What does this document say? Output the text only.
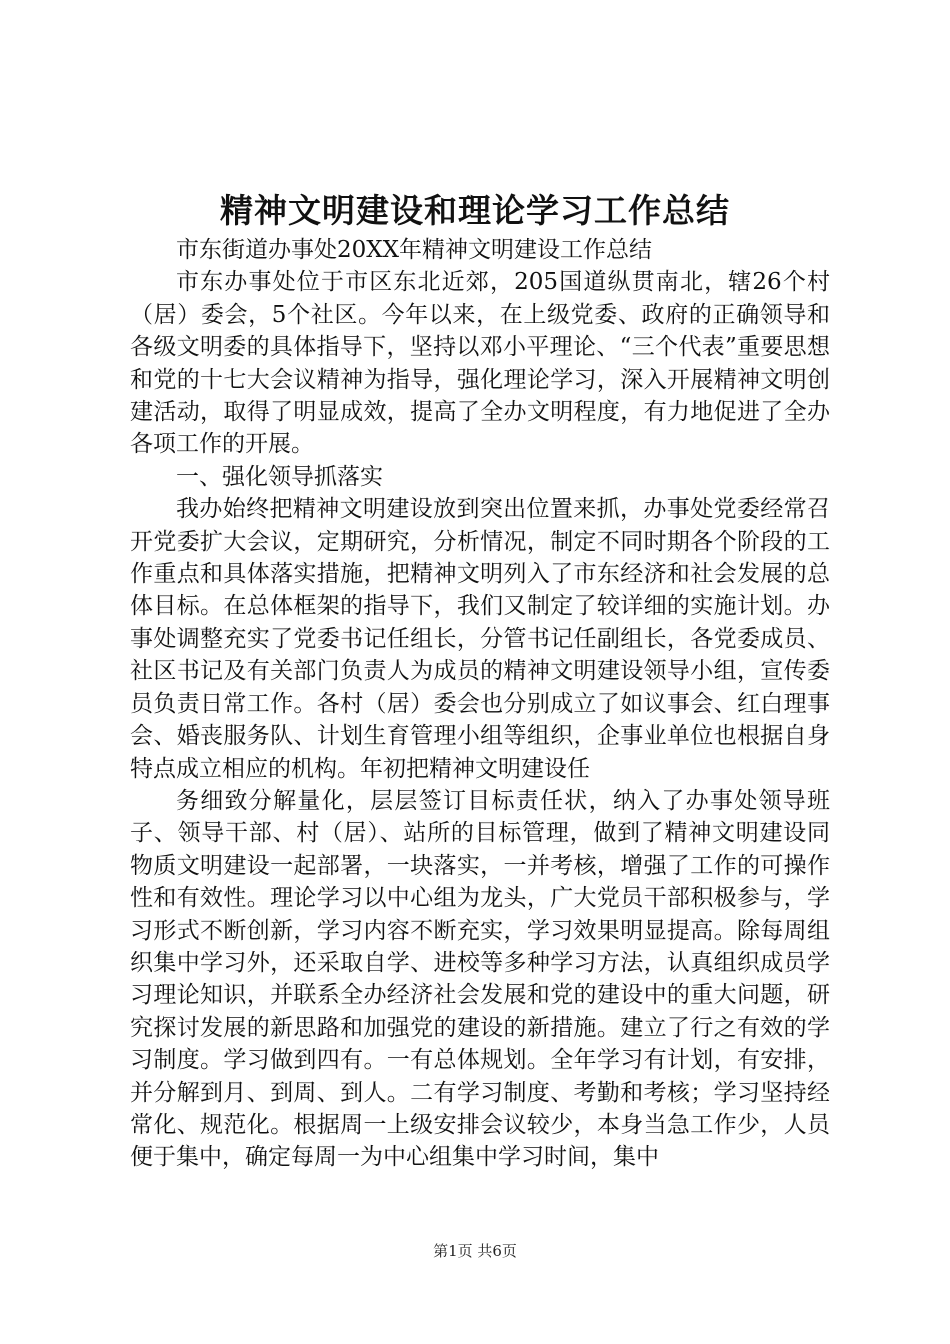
精神文明建设和理论学习工作总结

市东街道办事处20XX年精神文明建设工作总结

市东办事处位于市区东北近郊，205国道纵贯南北，辖26个村（居）委会，5个社区。今年以来，在上级党委、政府的正确领导和各级文明委的具体指导下，坚持以邓小平理论、“三个代表”重要思想和党的十七大会议精神为指导，强化理论学习，深入开展精神文明创建活动，取得了明显成效，提高了全办文明程度，有力地促进了全办各项工作的开展。

一、强化领导抓落实

我办始终把精神文明建设放到突出位置来抓，办事处党委经常召开党委扩大会议，定期研究，分析情况，制定不同时期各个阶段的工作重点和具体落实措施，把精神文明列入了市东经济和社会发展的总体目标。在总体框架的指导下，我们又制定了较详细的实施计划。办事处调整充实了党委书记任组长，分管书记任副组长，各党委成员、社区书记及有关部门负责人为成员的精神文明建设领导小组，宣传委员负责日常工作。各村（居）委会也分别成立了如议事会、红白理事会、婚丧服务队、计划生育管理小组等组织，企事业单位也根据自身特点成立相应的机构。年初把精神文明建设任

务细致分解量化，层层签订目标责任状，纳入了办事处领导班子、领导干部、村（居）、站所的目标管理，做到了精神文明建设同物质文明建设一起部署，一块落实，一并考核，增强了工作的可操作性和有效性。理论学习以中心组为龙头，广大党员干部积极参与，学习形式不断创新，学习内容不断充实，学习效果明显提高。除每周组织集中学习外，还采取自学、进校等多种学习方法，认真组织成员学习理论知识，并联系全办经济社会发展和党的建设中的重大问题，研究探讨发展的新思路和加强党的建设的新措施。建立了行之有效的学习制度。学习做到四有。一有总体规划。全年学习有计划，有安排，并分解到月、到周、到人。二有学习制度、考勤和考核；学习坚持经常化、规范化。根据周一上级安排会议较少，本身当急工作少，人员便于集中，确定每周一为中心组集中学习时间，集中

第1页 共6页
